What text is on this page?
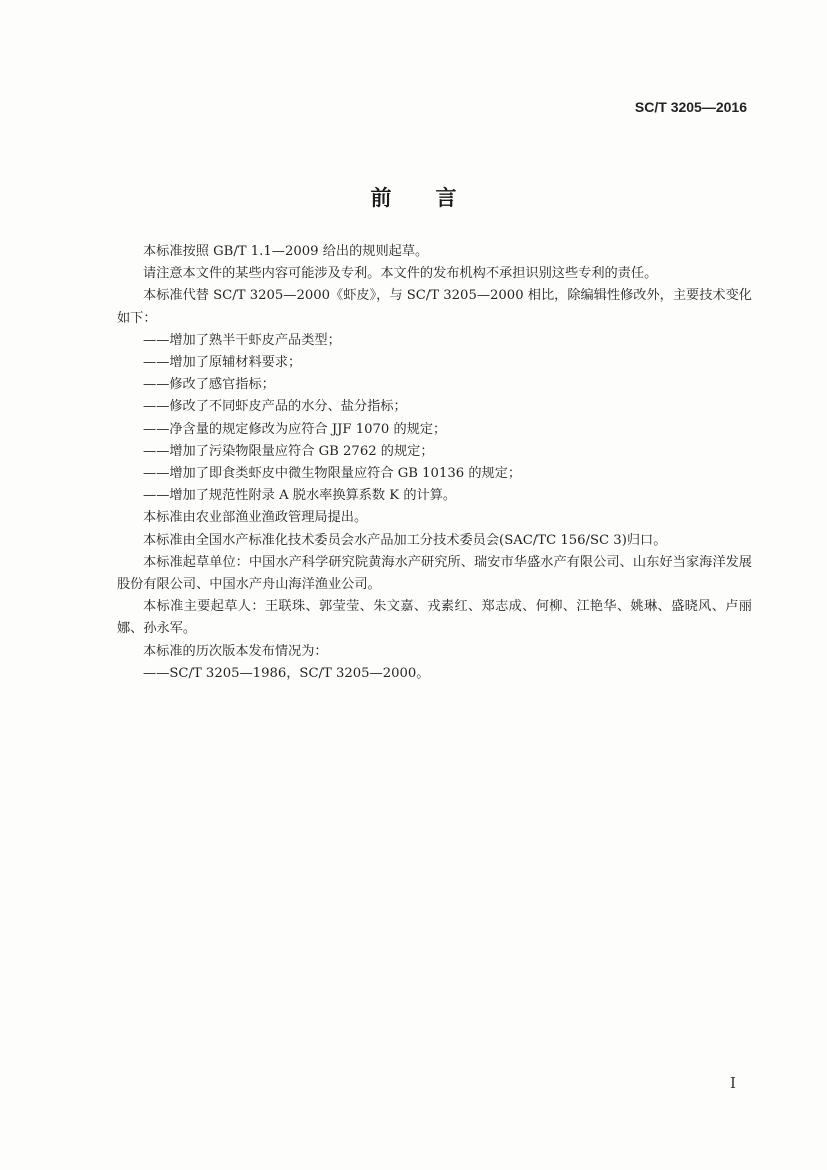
SC/T 3205—2016
前言

本标准按照 GB/T 1.1—2009 给出的规则起草。

请注意本文件的某些内容可能涉及专利。本文件的发布机构不承担识别这些专利的责任。

本标准代替 SC/T 3205—2000《虾皮》，与 SC/T 3205—2000 相比，除编辑性修改外，主要技术变化如下：

——增加了熟半干虾皮产品类型；

——增加了原辅材料要求；

——修改了感官指标；

——修改了不同虾皮产品的水分、盐分指标；

——净含量的规定修改为应符合 JJF 1070 的规定；

——增加了污染物限量应符合 GB 2762 的规定；

——增加了即食类虾皮中微生物限量应符合 GB 10136 的规定；

——增加了规范性附录 A 脱水率换算系数 K 的计算。

本标准由农业部渔业渔政管理局提出。

本标准由全国水产标准化技术委员会水产品加工分技术委员会(SAC/TC 156/SC 3)归口。

本标准起草单位：中国水产科学研究院黄海水产研究所、瑞安市华盛水产有限公司、山东好当家海洋发展股份有限公司、中国水产舟山海洋渔业公司。

本标准主要起草人：王联珠、郭莹莹、朱文嘉、戎素红、郑志成、何柳、江艳华、姚琳、盛晓风、卢丽娜、孙永军。

本标准的历次版本发布情况为：

——SC/T 3205—1986，SC/T 3205—2000。

I
